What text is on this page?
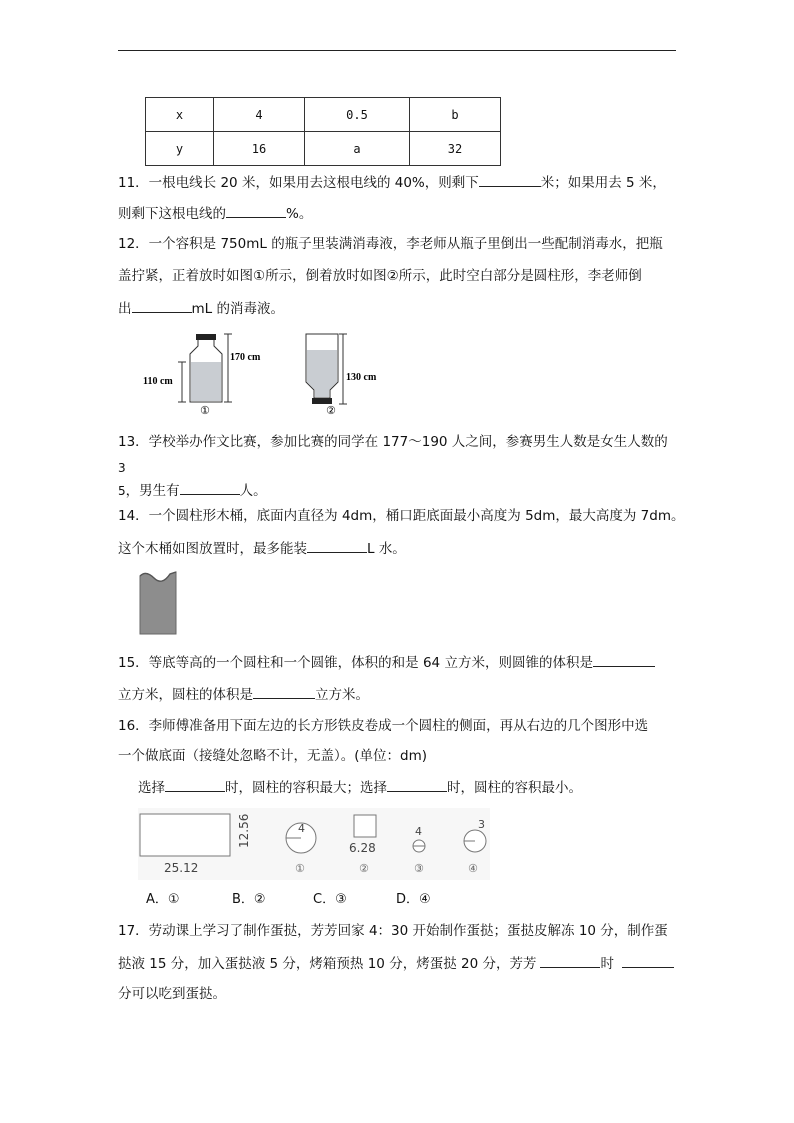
x	4	0.5	b
y	16	a	32
11．一根电线长 20 米，如果用去这根电线的 40%，则剩下	米；如果用去 5 米，
则剩下这根电线的	%。
12．一个容积是 750mL 的瓶子里装满消毒液，李老师从瓶子里倒出一些配制消毒水，把瓶
盖拧紧，正着放时如图①所示，倒着放时如图②所示，此时空白部分是圆柱形，李老师倒
出	mL 的消毒液。
110 cm
170 cm
①
130 cm
②
13．学校举办作文比赛，参加比赛的同学在 177～190 人之间，参赛男生人数是女生人数的
3
5，男生有	人。
14．一个圆柱形木桶，底面内直径为 4dm，桶口距底面最小高度为 5dm，最大高度为 7dm。
这个木桶如图放置时，最多能装	L 水。
15．等底等高的一个圆柱和一个圆锥，体积的和是 64 立方米，则圆锥的体积是
立方米，圆柱的体积是	立方米。
16．李师傅准备用下面左边的长方形铁皮卷成一个圆柱的侧面，再从右边的几个图形中选
一个做底面（接缝处忽略不计，无盖）。(单位：dm)
选择	时，圆柱的容积最大；选择	时，圆柱的容积最小。
25.12
12.56	4
①
6.28
②
4
③
3
④
A．①	B．②	C．③	D．④
17．劳动课上学习了制作蛋挞，芳芳回家 4：30 开始制作蛋挞；蛋挞皮解冻 10 分，制作蛋
挞液 15 分，加入蛋挞液 5 分，烤箱预热 10 分，烤蛋挞 20 分，芳芳	时
分可以吃到蛋挞。
